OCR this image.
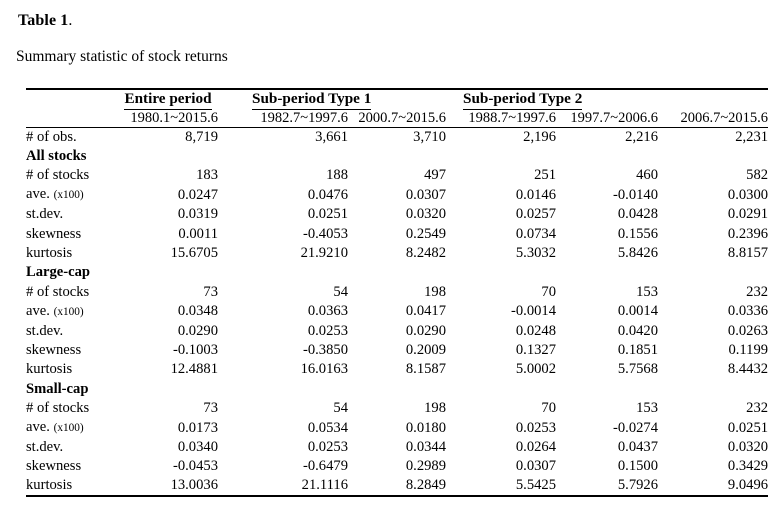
Table 1.
Summary statistic of stock returns
	Entire period	Sub-period Type 1		Sub-period Type 2		
	1980.1~2015.6	1982.7~1997.6	2000.7~2015.6	1988.7~1997.6	1997.7~2006.6	2006.7~2015.6
# of obs.	8,719	3,661	3,710	2,196	2,216	2,231
All stocks						
# of stocks	183	188	497	251	460	582
ave. (x100)	0.0247	0.0476	0.0307	0.0146	-0.0140	0.0300
st.dev.	0.0319	0.0251	0.0320	0.0257	0.0428	0.0291
skewness	0.0011	-0.4053	0.2549	0.0734	0.1556	0.2396
kurtosis	15.6705	21.9210	8.2482	5.3032	5.8426	8.8157
Large-cap						
# of stocks	73	54	198	70	153	232
ave. (x100)	0.0348	0.0363	0.0417	-0.0014	0.0014	0.0336
st.dev.	0.0290	0.0253	0.0290	0.0248	0.0420	0.0263
skewness	-0.1003	-0.3850	0.2009	0.1327	0.1851	0.1199
kurtosis	12.4881	16.0163	8.1587	5.0002	5.7568	8.4432
Small-cap						
# of stocks	73	54	198	70	153	232
ave. (x100)	0.0173	0.0534	0.0180	0.0253	-0.0274	0.0251
st.dev.	0.0340	0.0253	0.0344	0.0264	0.0437	0.0320
skewness	-0.0453	-0.6479	0.2989	0.0307	0.1500	0.3429
kurtosis	13.0036	21.1116	8.2849	5.5425	5.7926	9.0496
